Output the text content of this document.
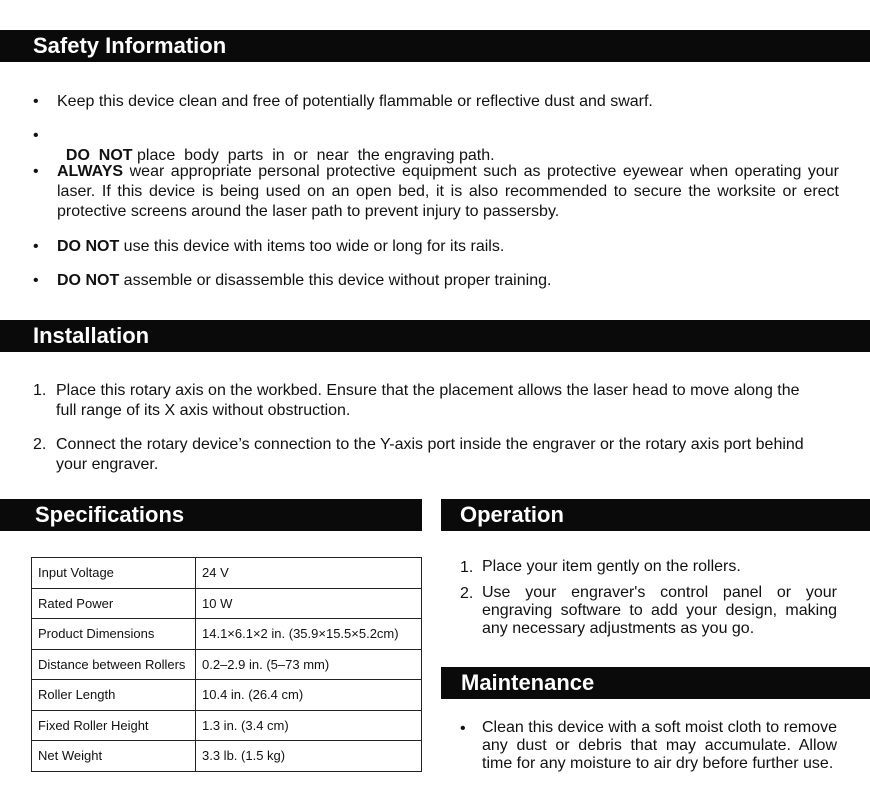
Safety Information
• Keep this device clean and free of potentially flammable or reflective dust and swarf.
•

DO  NOT place  body  parts  in  or  near  the engraving path.

• ALWAYS wear appropriate personal protective equipment such as protective eyewear when operating your laser. If this device is being used on an open bed, it is also recommended to secure the worksite or erect protective screens around the laser path to prevent injury to passersby.
• DO NOT use this device with items too wide or long for its rails.
• DO NOT assemble or disassemble this device without proper training.
Installation
1. Place this rotary axis on the workbed. Ensure that the placement allows the laser head to move along the full range of its X axis without obstruction.
2. Connect the rotary device’s connection to the Y-axis port inside the engraver or the rotary axis port behind your engraver.
Specifications
Input Voltage	24 V
Rated Power	10 W
Product Dimensions	14.1×6.1×2 in. (35.9×15.5×5.2cm)
Distance between Rollers	0.2–2.9 in. (5–73 mm)
Roller Length	10.4 in. (26.4 cm)
Fixed Roller Height	1.3 in. (3.4 cm)
Net Weight	3.3 lb. (1.5 kg)
Operation
1. Place your item gently on the rollers.
2. Use your engraver's control panel or your engraving software to add your design, making any necessary adjustments as you go.
Maintenance
• Clean this device with a soft moist cloth to remove any dust or debris that may accumulate. Allow time for any moisture to air dry before further use.
